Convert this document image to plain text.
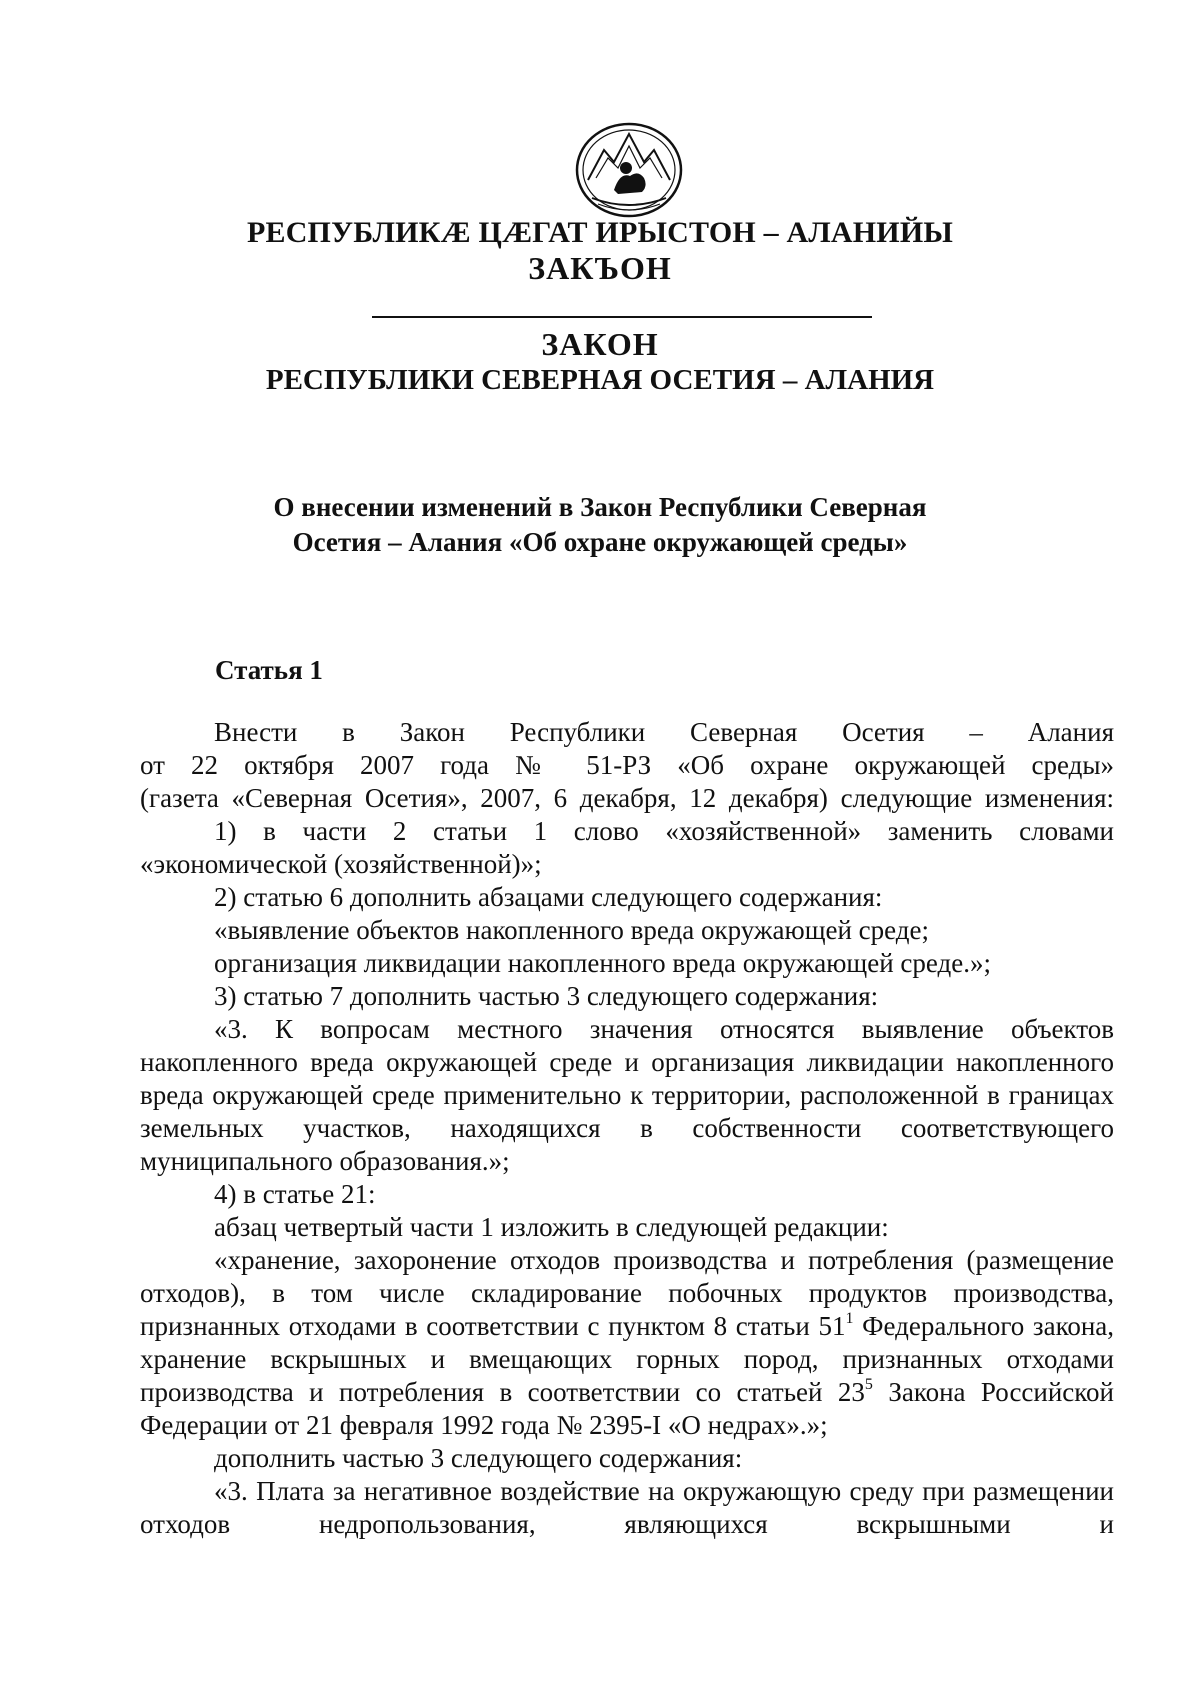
РЕСПУБЛИКÆ ЦÆГАТ ИРЫСТОН – АЛАНИЙЫ
ЗАКЪОН
ЗАКОН
РЕСПУБЛИКИ СЕВЕРНАЯ ОСЕТИЯ – АЛАНИЯ
О внесении изменений в Закон Республики Северная
Осетия – Алания «Об охране окружающей среды»
Статья 1

Внести в Закон Республики Северная Осетия – Алания

от 22 октября 2007 года № 51-РЗ «Об охране окружающей среды»

(газета «Северная Осетия», 2007, 6 декабря, 12 декабря) следующие изменения:

1) в части 2 статьи 1 слово «хозяйственной» заменить словами

«экономической (хозяйственной)»;

2) статью 6 дополнить абзацами следующего содержания:

«выявление объектов накопленного вреда окружающей среде;

организация ликвидации накопленного вреда окружающей среде.»;

3) статью 7 дополнить частью 3 следующего содержания:

«3. К вопросам местного значения относятся выявление объектов накопленного вреда окружающей среде и организация ликвидации накопленного вреда окружающей среде применительно к территории, расположенной в границах земельных участков, находящихся в собственности соответствующего муниципального образования.»;

4) в статье 21:

абзац четвертый части 1 изложить в следующей редакции:

«хранение, захоронение отходов производства и потребления (размещение отходов), в том числе складирование побочных продуктов производства, признанных отходами в соответствии с пунктом 8 статьи $51^1$ Федерального закона, хранение вскрышных и вмещающих горных пород, признанных отходами производства и потребления в соответствии со статьей $23^5$ Закона Российской Федерации от 21 февраля 1992 года № 2395-I «О недрах».»;

дополнить частью 3 следующего содержания:

«3. Плата за негативное воздействие на окружающую среду при размещении отходов недропользования, являющихся вскрышными и
